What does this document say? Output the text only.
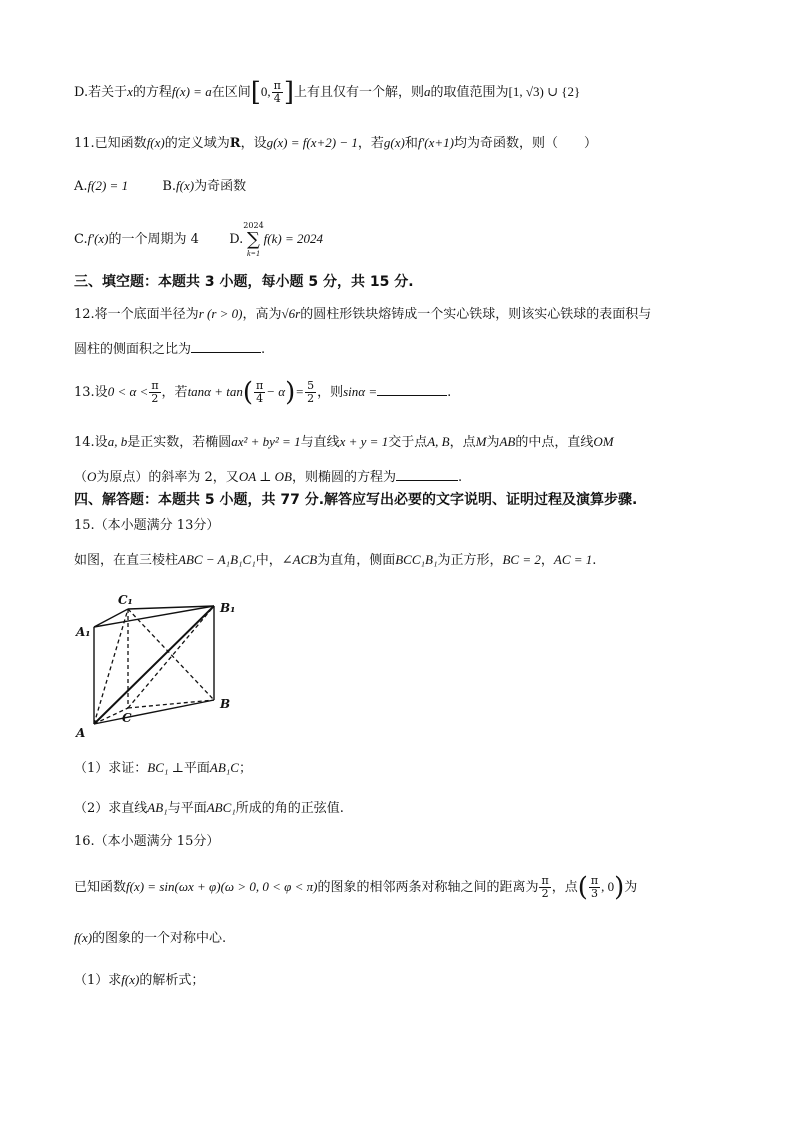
D.若关于x的方程f(x) = a在区间[0, $\frac{\pi}{4}$ ]上有且仅有一个解，则a的取值范围为[1, √3) ∪ {2}
11.已知函数f(x)的定义域为R，设g(x) = f(x+2) − 1，若g(x)和f′(x+1)均为奇函数，则（　　）
A.f(2) = 1	B.f(x)为奇函数
C.f′(x)的一个周期为 4 D.
2024
∑
k=1
f(k) = 2024
三、填空题：本题共 3 小题，每小题 5 分，共 15 分.
12.将一个底面半径为r (r > 0)，高为√6r的圆柱形铁块熔铸成一个实心铁球，则该实心铁球的表面积与
圆柱的侧面积之比为	.
13.设$0 < \alpha < \frac{\pi}{2}$ ，若$\tan\alpha + \tan( \frac{\pi}{4} - \alpha)= \frac{5}{2}$ ，则sinα =	.
14.设a, b是正实数，若椭圆ax² + by² = 1与直线x + y = 1交于点A, B，点M为AB的中点，直线OM
（O为原点）的斜率为 2，又OA ⊥ OB，则椭圆的方程为	.
四、解答题：本题共 5 小题，共 77 分.解答应写出必要的文字说明、证明过程及演算步骤.
15.（本小题满分 13分）
如图，在直三棱柱ABC − A₁B₁C₁中，∠ACB为直角，侧面BCC₁B₁为正方形，BC = 2，AC = 1.
A
B
C
A₁
B₁
C₁
（1）求证：BC₁ ⊥平面AB₁C；
（2）求直线AB₁与平面ABC₁所成的角的正弦值.
16.（本小题满分 15分）
已知函数f(x) = sin(ωx + φ)(ω > 0, 0 < φ < π)的图象的相邻两条对称轴之间的距离为 $\frac{\pi}{2}$ ，点( $\frac{\pi}{3}$ , 0)为
f(x)的图象的一个对称中心.
（1）求f(x)的解析式；
